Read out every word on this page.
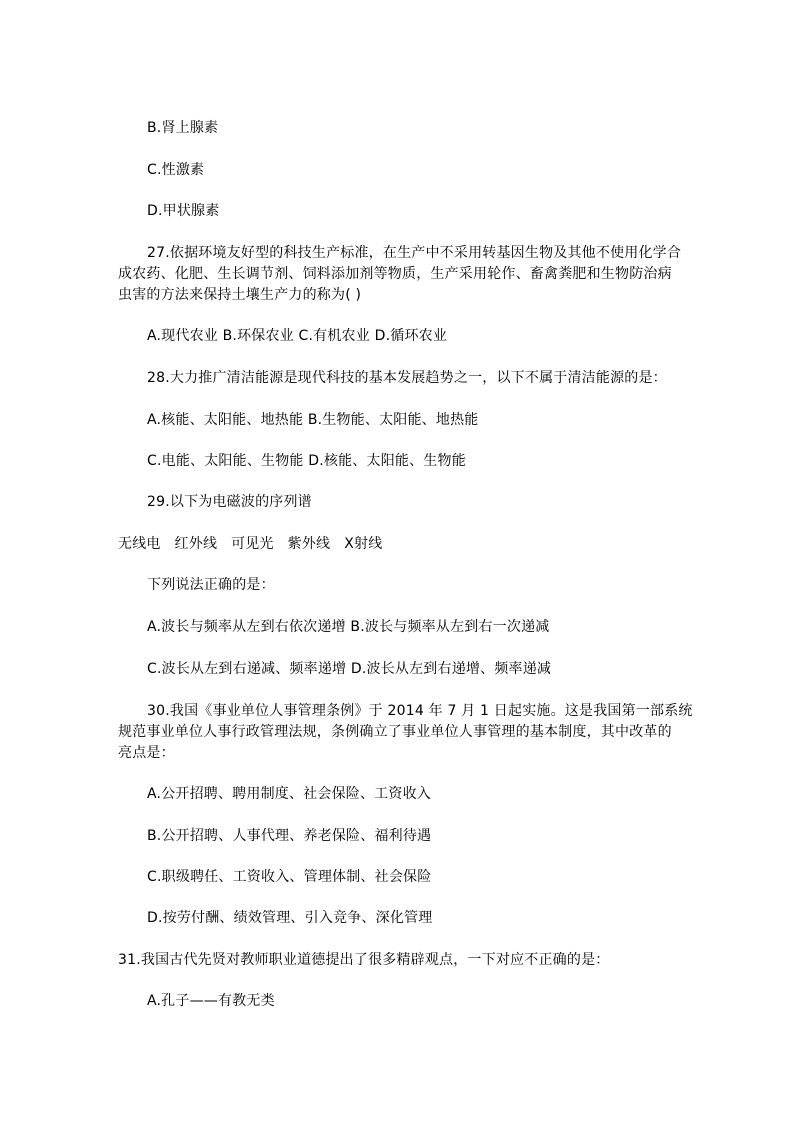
B.肾上腺素
C.性激素
D.甲状腺素
27.依据环境友好型的科技生产标准，在生产中不采用转基因生物及其他不使用化学合
成农药、化肥、生长调节剂、饲料添加剂等物质，生产采用轮作、畜禽粪肥和生物防治病
虫害的方法来保持土壤生产力的称为( )
A.现代农业 B.环保农业 C.有机农业 D.循环农业
28.大力推广清洁能源是现代科技的基本发展趋势之一，以下不属于清洁能源的是：
A.核能、太阳能、地热能 B.生物能、太阳能、地热能
C.电能、太阳能、生物能 D.核能、太阳能、生物能
29.以下为电磁波的序列谱
无线电   红外线   可见光   紫外线   X射线
下列说法正确的是：
A.波长与频率从左到右依次递增 B.波长与频率从左到右一次递减
C.波长从左到右递减、频率递增 D.波长从左到右递增、频率递减
30.我国《事业单位人事管理条例》于 2014 年 7 月 1 日起实施。这是我国第一部系统
规范事业单位人事行政管理法规，条例确立了事业单位人事管理的基本制度，其中改革的
亮点是：
A.公开招聘、聘用制度、社会保险、工资收入
B.公开招聘、人事代理、养老保险、福利待遇
C.职级聘任、工资收入、管理体制、社会保险
D.按劳付酬、绩效管理、引入竞争、深化管理
31.我国古代先贤对教师职业道德提出了很多精辟观点，一下对应不正确的是：
A.孔子——有教无类
